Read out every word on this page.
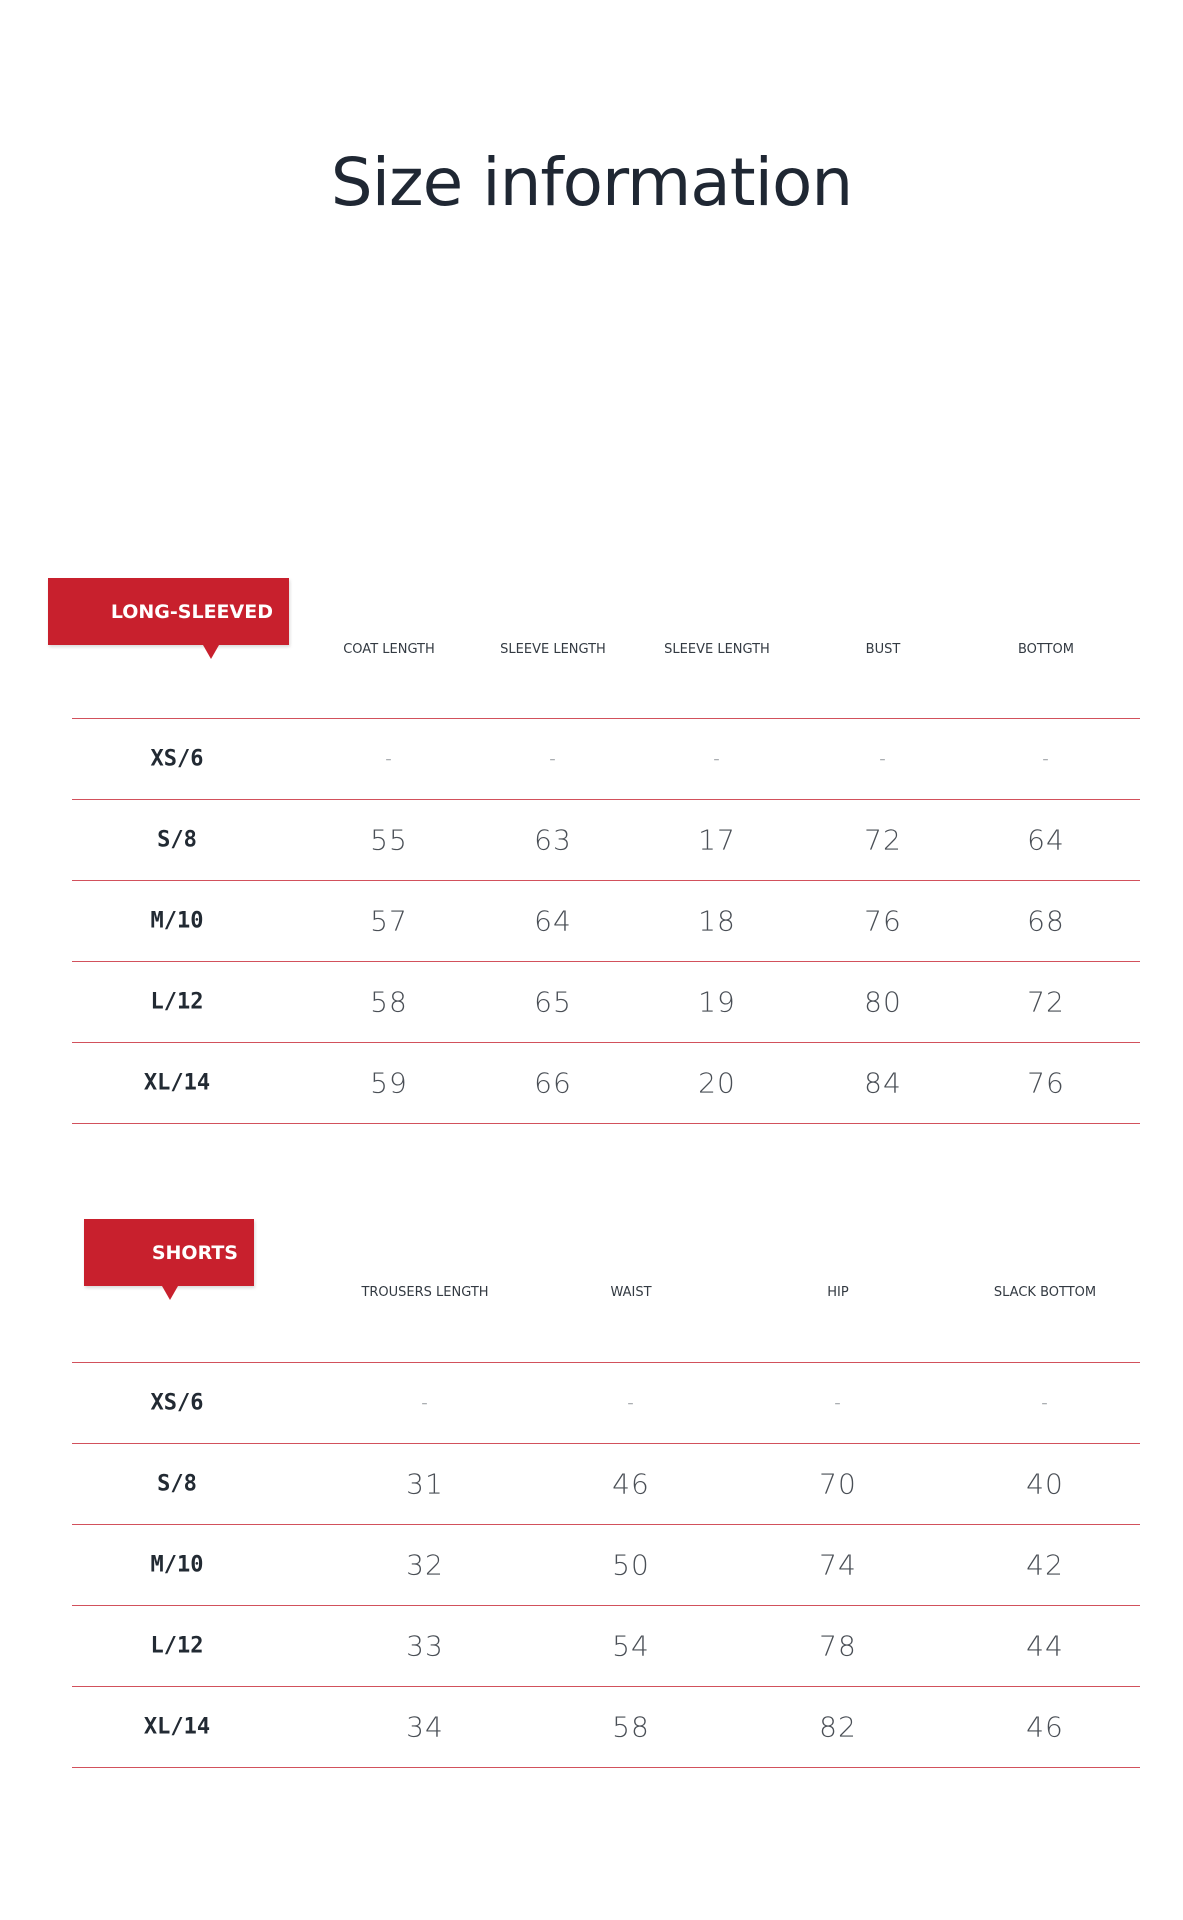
Size information
LONG-SLEEVED
COAT LENGTH	SLEEVE LENGTH	SLEEVE LENGTH	BUST	BOTTOM
XS/6	-	-	-	-	-
S/8	55	63	17	72	64
M/10	57	64	18	76	68
L/12	58	65	19	80	72
XL/14	59	66	20	84	76
SHORTS
TROUSERS LENGTH	WAIST	HIP	SLACK BOTTOM
XS/6	-	-	-	-
S/8	31	46	70	40
M/10	32	50	74	42
L/12	33	54	78	44
XL/14	34	58	82	46
